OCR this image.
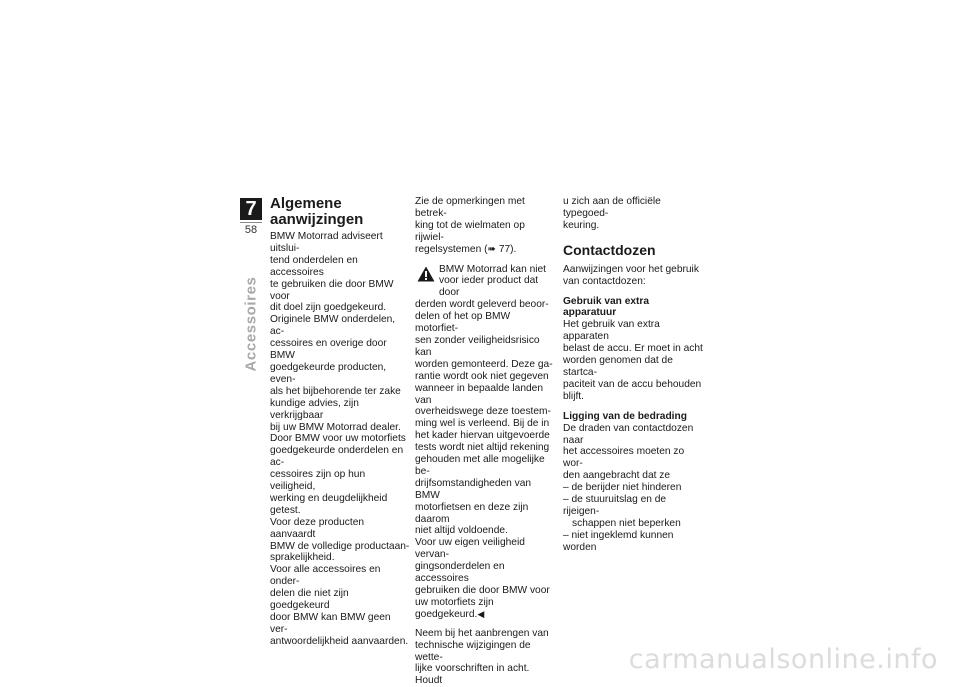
7
58
Accessoires
Algemene
aanwijzingen

BMW Motorrad adviseert uitslui-

tend onderdelen en accessoires

te gebruiken die door BMW voor

dit doel zijn goedgekeurd.

Originele BMW onderdelen, ac-

cessoires en overige door BMW

goedgekeurde producten, even-

als het bijbehorende ter zake

kundige advies, zijn verkrijgbaar

bij uw BMW Motorrad dealer.

Door BMW voor uw motorfiets

goedgekeurde onderdelen en ac-

cessoires zijn op hun veiligheid,

werking en deugdelijkheid getest.

Voor deze producten aanvaardt

BMW de volledige productaan-

sprakelijkheid.

Voor alle accessoires en onder-

delen die niet zijn goedgekeurd

door BMW kan BMW geen ver-

antwoordelijkheid aanvaarden.

Zie de opmerkingen met betrek-

king tot de wielmaten op rijwiel-

regelsystemen (➠ 77).

BMW Motorrad kan niet

voor ieder product dat door

derden wordt geleverd beoor-

delen of het op BMW motorfiet-

sen zonder veiligheidsrisico kan

worden gemonteerd. Deze ga-

rantie wordt ook niet gegeven

wanneer in bepaalde landen van

overheidswege deze toestem-

ming wel is verleend. Bij de in

het kader hiervan uitgevoerde

tests wordt niet altijd rekening

gehouden met alle mogelijke be-

drijfsomstandigheden van BMW

motorfietsen en deze zijn daarom

niet altijd voldoende.

Voor uw eigen veiligheid vervan-

gingsonderdelen en accessoires

gebruiken die door BMW voor

uw motorfiets zijn goedgekeurd.◀

Neem bij het aanbrengen van

technische wijzigingen de wette-

lijke voorschriften in acht. Houdt

u zich aan de officiële typegoed-

keuring.

Contactdozen

Aanwijzingen voor het gebruik

van contactdozen:

Gebruik van extra apparatuur

Het gebruik van extra apparaten

belast de accu. Er moet in acht

worden genomen dat de startca-

paciteit van de accu behouden

blijft.

Ligging van de bedrading

De draden van contactdozen naar

het accessoires moeten zo wor-

den aangebracht dat ze

– de berijder niet hinderen

– de stuuruitslag en de rijeigen-

schappen niet beperken

– niet ingeklemd kunnen worden

carmanualsonline.info
